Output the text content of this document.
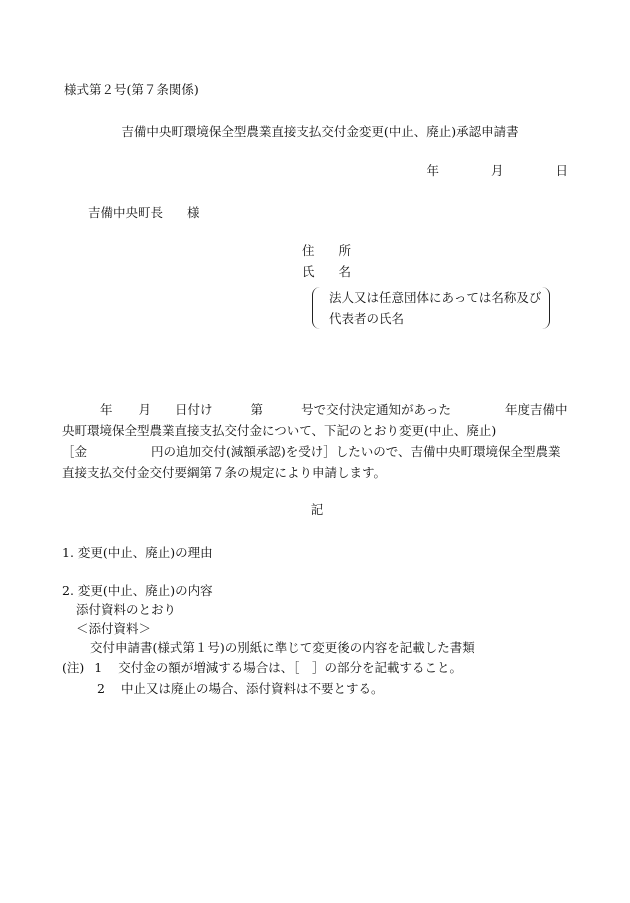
様式第２号(第７条関係)
吉備中央町環境保全型農業直接支払交付金変更(中止、廃止)承認申請書
年	月	日
吉備中央町長 様
住 所
氏 名
法人又は任意団体にあっては名称及び
代表者の氏名
年 月 日付け	第	号で交付決定通知があった	年度吉備中
央町環境保全型農業直接支払交付金について、下記のとおり変更(中止、廃止)
［金	円の追加交付(減額承認)を受け］したいので、吉備中央町環境保全型農業
直接支払交付金交付要綱第７条の規定により申請します。
記
1. 変更(中止、廃止)の理由
2. 変更(中止、廃止)の内容
添付資料のとおり
＜添付資料＞
交付申請書(様式第１号)の別紙に準じて変更後の内容を記載した書類
(注) 1 交付金の額が増減する場合は、［　］の部分を記載すること。
2 中止又は廃止の場合、添付資料は不要とする。
